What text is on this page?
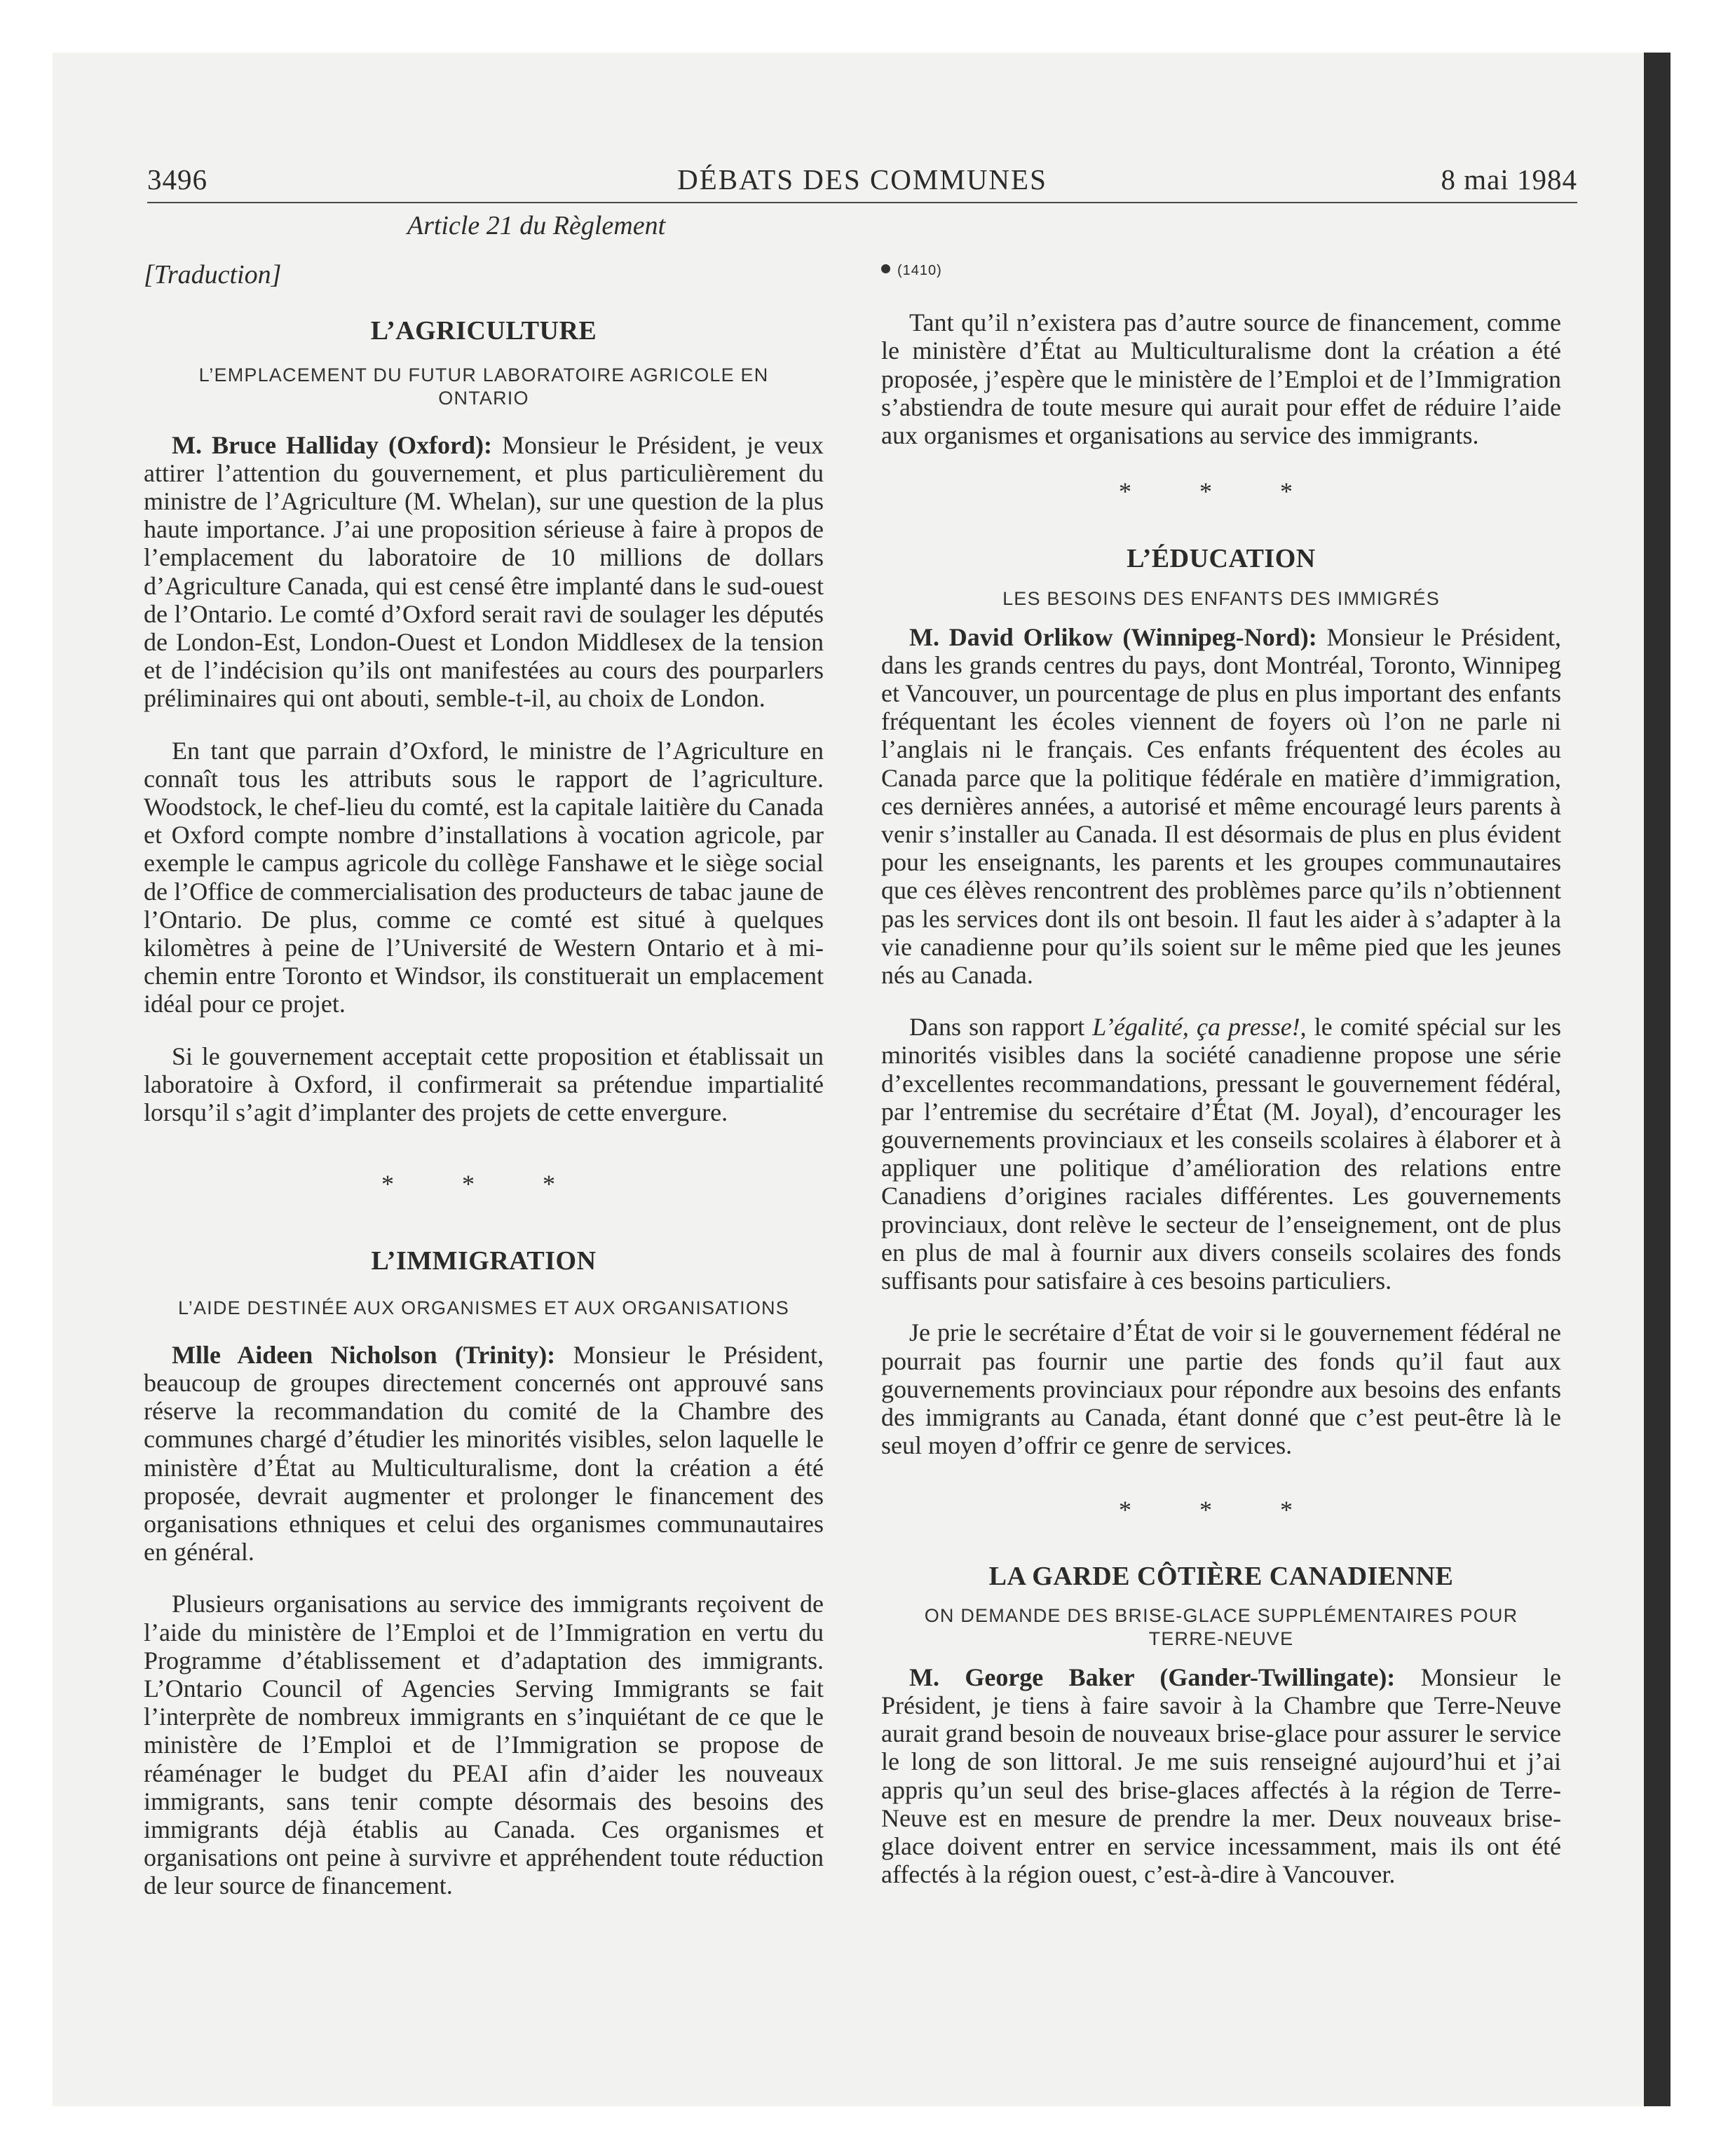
3496	DÉBATS DES COMMUNES	8 mai 1984

Article 21 du Règlement

[Traduction]

L’AGRICULTURE

L’EMPLACEMENT DU FUTUR LABORATOIRE AGRICOLE EN ONTARIO

M. Bruce Halliday (Oxford): Monsieur le Président, je veux attirer l’attention du gouvernement, et plus particulièrement du ministre de l’Agriculture (M. Whelan), sur une question de la plus haute importance. J’ai une proposition sérieuse à faire à propos de l’emplacement du laboratoire de 10 millions de dollars d’Agriculture Canada, qui est censé être implanté dans le sud-ouest de l’Ontario. Le comté d’Oxford serait ravi de soulager les députés de London-Est, London-Ouest et London Middlesex de la tension et de l’indécision qu’ils ont manifestées au cours des pourparlers préliminaires qui ont abouti, semble-t-il, au choix de London.

En tant que parrain d’Oxford, le ministre de l’Agriculture en connaît tous les attributs sous le rapport de l’agriculture. Woodstock, le chef-lieu du comté, est la capitale laitière du Canada et Oxford compte nombre d’installations à vocation agricole, par exemple le campus agricole du collège Fanshawe et le siège social de l’Office de commercialisation des producteurs de tabac jaune de l’Ontario. De plus, comme ce comté est situé à quelques kilomètres à peine de l’Université de Western Ontario et à mi-chemin entre Toronto et Windsor, ils constituerait un emplacement idéal pour ce projet.

Si le gouvernement acceptait cette proposition et établissait un laboratoire à Oxford, il confirmerait sa prétendue impartialité lorsqu’il s’agit d’implanter des projets de cette envergure.

* * *

L’IMMIGRATION

L’AIDE DESTINÉE AUX ORGANISMES ET AUX ORGANISATIONS

Mlle Aideen Nicholson (Trinity): Monsieur le Président, beaucoup de groupes directement concernés ont approuvé sans réserve la recommandation du comité de la Chambre des communes chargé d’étudier les minorités visibles, selon laquelle le ministère d’État au Multiculturalisme, dont la création a été proposée, devrait augmenter et prolonger le financement des organisations ethniques et celui des organismes communautaires en général.

Plusieurs organisations au service des immigrants reçoivent de l’aide du ministère de l’Emploi et de l’Immigration en vertu du Programme d’établissement et d’adaptation des immigrants. L’Ontario Council of Agencies Serving Immigrants se fait l’interprète de nombreux immigrants en s’inquiétant de ce que le ministère de l’Emploi et de l’Immigration se propose de réaménager le budget du PEAI afin d’aider les nouveaux immigrants, sans tenir compte désormais des besoins des immigrants déjà établis au Canada. Ces organismes et organisations ont peine à survivre et appréhendent toute réduction de leur source de financement.

(1410)

Tant qu’il n’existera pas d’autre source de financement, comme le ministère d’État au Multiculturalisme dont la création a été proposée, j’espère que le ministère de l’Emploi et de l’Immigration s’abstiendra de toute mesure qui aurait pour effet de réduire l’aide aux organismes et organisations au service des immigrants.

* * *

L’ÉDUCATION

LES BESOINS DES ENFANTS DES IMMIGRÉS

M. David Orlikow (Winnipeg-Nord): Monsieur le Président, dans les grands centres du pays, dont Montréal, Toronto, Winnipeg et Vancouver, un pourcentage de plus en plus important des enfants fréquentant les écoles viennent de foyers où l’on ne parle ni l’anglais ni le français. Ces enfants fréquentent des écoles au Canada parce que la politique fédérale en matière d’immigration, ces dernières années, a autorisé et même encouragé leurs parents à venir s’installer au Canada. Il est désormais de plus en plus évident pour les enseignants, les parents et les groupes communautaires que ces élèves rencontrent des problèmes parce qu’ils n’obtiennent pas les services dont ils ont besoin. Il faut les aider à s’adapter à la vie canadienne pour qu’ils soient sur le même pied que les jeunes nés au Canada.

Dans son rapport L’égalité, ça presse!, le comité spécial sur les minorités visibles dans la société canadienne propose une série d’excellentes recommandations, pressant le gouvernement fédéral, par l’entremise du secrétaire d’État (M. Joyal), d’encourager les gouvernements provinciaux et les conseils scolaires à élaborer et à appliquer une politique d’amélioration des relations entre Canadiens d’origines raciales différentes. Les gouvernements provinciaux, dont relève le secteur de l’enseignement, ont de plus en plus de mal à fournir aux divers conseils scolaires des fonds suffisants pour satisfaire à ces besoins particuliers.

Je prie le secrétaire d’État de voir si le gouvernement fédéral ne pourrait pas fournir une partie des fonds qu’il faut aux gouvernements provinciaux pour répondre aux besoins des enfants des immigrants au Canada, étant donné que c’est peut-être là le seul moyen d’offrir ce genre de services.

* * *

LA GARDE CÔTIÈRE CANADIENNE

ON DEMANDE DES BRISE-GLACE SUPPLÉMENTAIRES POUR TERRE-NEUVE

M. George Baker (Gander-Twillingate): Monsieur le Président, je tiens à faire savoir à la Chambre que Terre-Neuve aurait grand besoin de nouveaux brise-glace pour assurer le service le long de son littoral. Je me suis renseigné aujourd’hui et j’ai appris qu’un seul des brise-glaces affectés à la région de Terre-Neuve est en mesure de prendre la mer. Deux nouveaux brise-glace doivent entrer en service incessamment, mais ils ont été affectés à la région ouest, c’est-à-dire à Vancouver.
